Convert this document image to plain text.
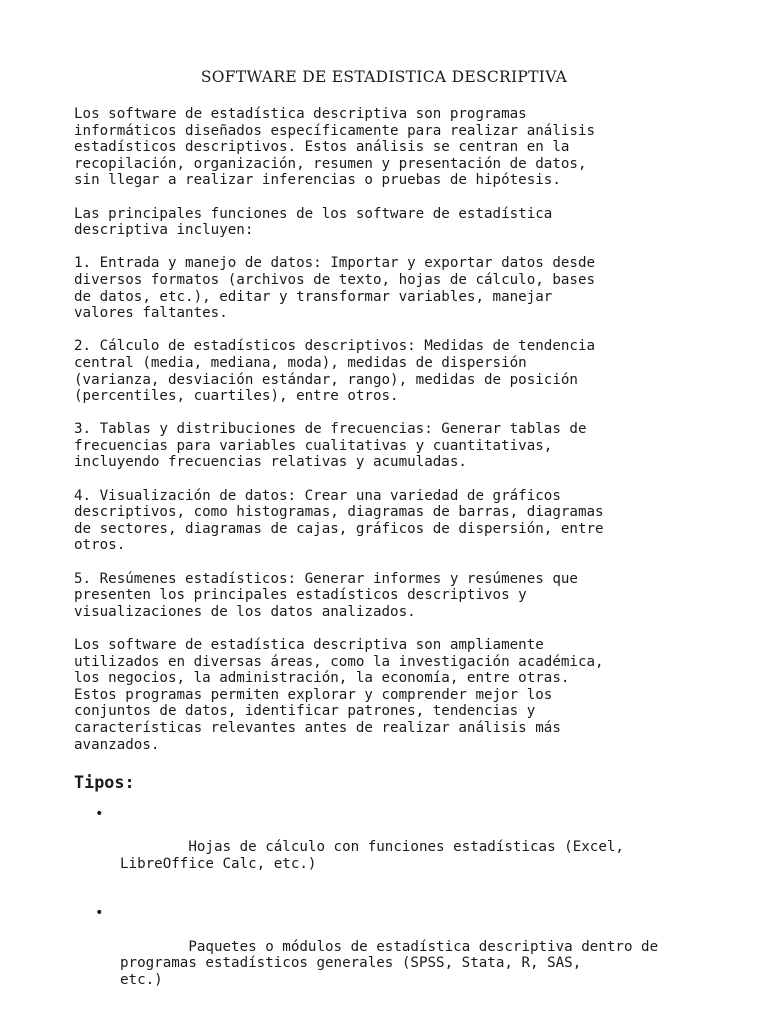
SOFTWARE DE ESTADISTICA DESCRIPTIVA

Los software de estadística descriptiva son programas
informáticos diseñados específicamente para realizar análisis
estadísticos descriptivos. Estos análisis se centran en la
recopilación, organización, resumen y presentación de datos,
sin llegar a realizar inferencias o pruebas de hipótesis.

Las principales funciones de los software de estadística
descriptiva incluyen:

1. Entrada y manejo de datos: Importar y exportar datos desde
diversos formatos (archivos de texto, hojas de cálculo, bases
de datos, etc.), editar y transformar variables, manejar
valores faltantes.

2. Cálculo de estadísticos descriptivos: Medidas de tendencia
central (media, mediana, moda), medidas de dispersión
(varianza, desviación estándar, rango), medidas de posición
(percentiles, cuartiles), entre otros.

3. Tablas y distribuciones de frecuencias: Generar tablas de
frecuencias para variables cualitativas y cuantitativas,
incluyendo frecuencias relativas y acumuladas.

4. Visualización de datos: Crear una variedad de gráficos
descriptivos, como histogramas, diagramas de barras, diagramas
de sectores, diagramas de cajas, gráficos de dispersión, entre
otros.

5. Resúmenes estadísticos: Generar informes y resúmenes que
presenten los principales estadísticos descriptivos y
visualizaciones de los datos analizados.

Los software de estadística descriptiva son ampliamente
utilizados en diversas áreas, como la investigación académica,
los negocios, la administración, la economía, entre otras.
Estos programas permiten explorar y comprender mejor los
conjuntos de datos, identificar patrones, tendencias y
características relevantes antes de realizar análisis más
avanzados.

Tipos:

•

Hojas de cálculo con funciones estadísticas (Excel,
LibreOffice Calc, etc.)

•

Paquetes o módulos de estadística descriptiva dentro de
programas estadísticos generales (SPSS, Stata, R, SAS,
etc.)
